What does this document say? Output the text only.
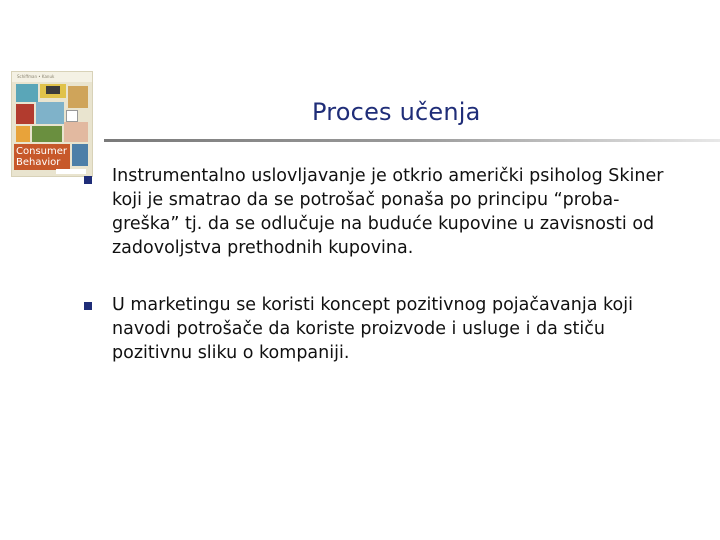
Schiffman • Kanuk
Consumer
Behavior
Proces učenja
Instrumentalno uslovljavanje je otkrio američki psiholog Skiner koji je smatrao da se potrošač ponaša po principu “proba-greška” tj. da se odlučuje na buduće kupovine u zavisnosti od zadovoljstva prethodnih kupovina.
U marketingu se koristi koncept pozitivnog pojačavanja koji navodi potrošače da koriste proizvode i usluge i da stiču pozitivnu sliku o kompaniji.
